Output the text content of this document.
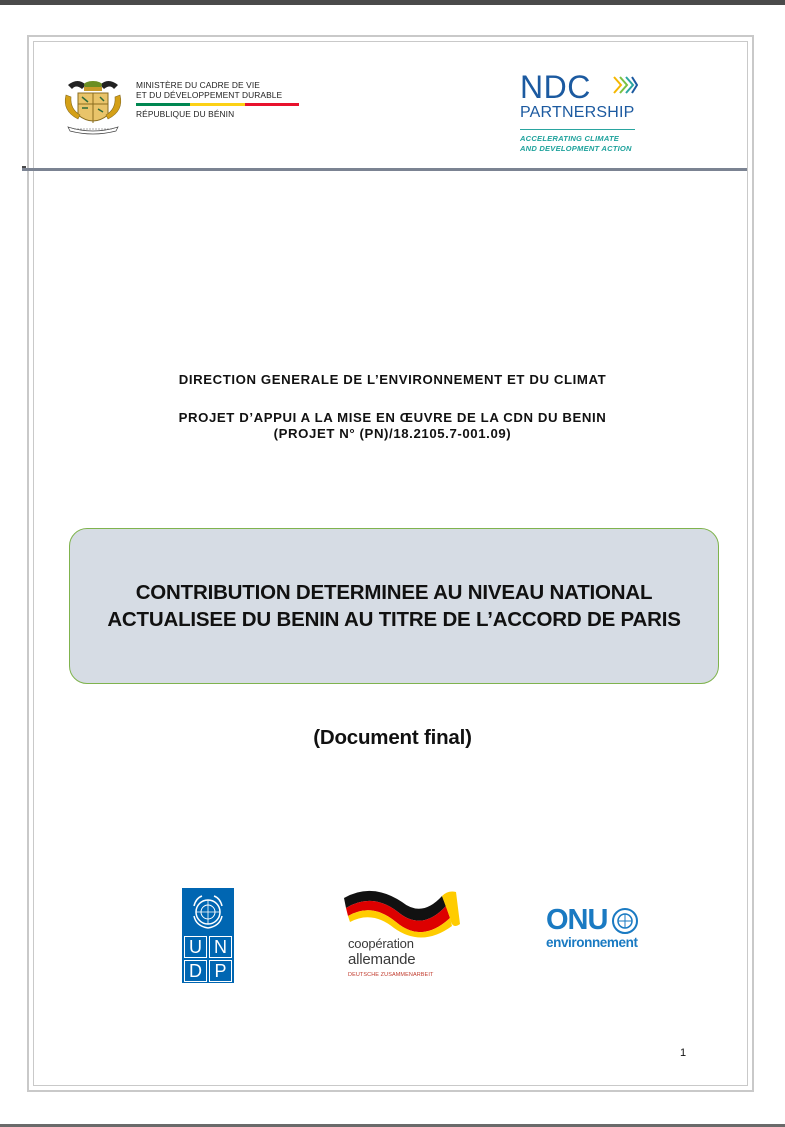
MINISTÈRE DU CADRE DE VIE
ET DU DÉVELOPPEMENT DURABLE
RÉPUBLIQUE DU BÉNIN
NDC
PARTNERSHIP
ACCELERATING CLIMATE
AND DEVELOPMENT ACTION
DIRECTION GENERALE DE L’ENVIRONNEMENT ET DU CLIMAT
PROJET D’APPUI A LA MISE EN ŒUVRE DE LA CDN DU BENIN
(PROJET N° (PN)/18.2105.7-001.09)
CONTRIBUTION DETERMINEE AU NIVEAU NATIONAL
ACTUALISEE DU BENIN AU TITRE DE L’ACCORD DE PARIS
(Document final)
U N
D P
coopération
allemande
DEUTSCHE ZUSAMMENARBEIT
ONU
environnement
1
